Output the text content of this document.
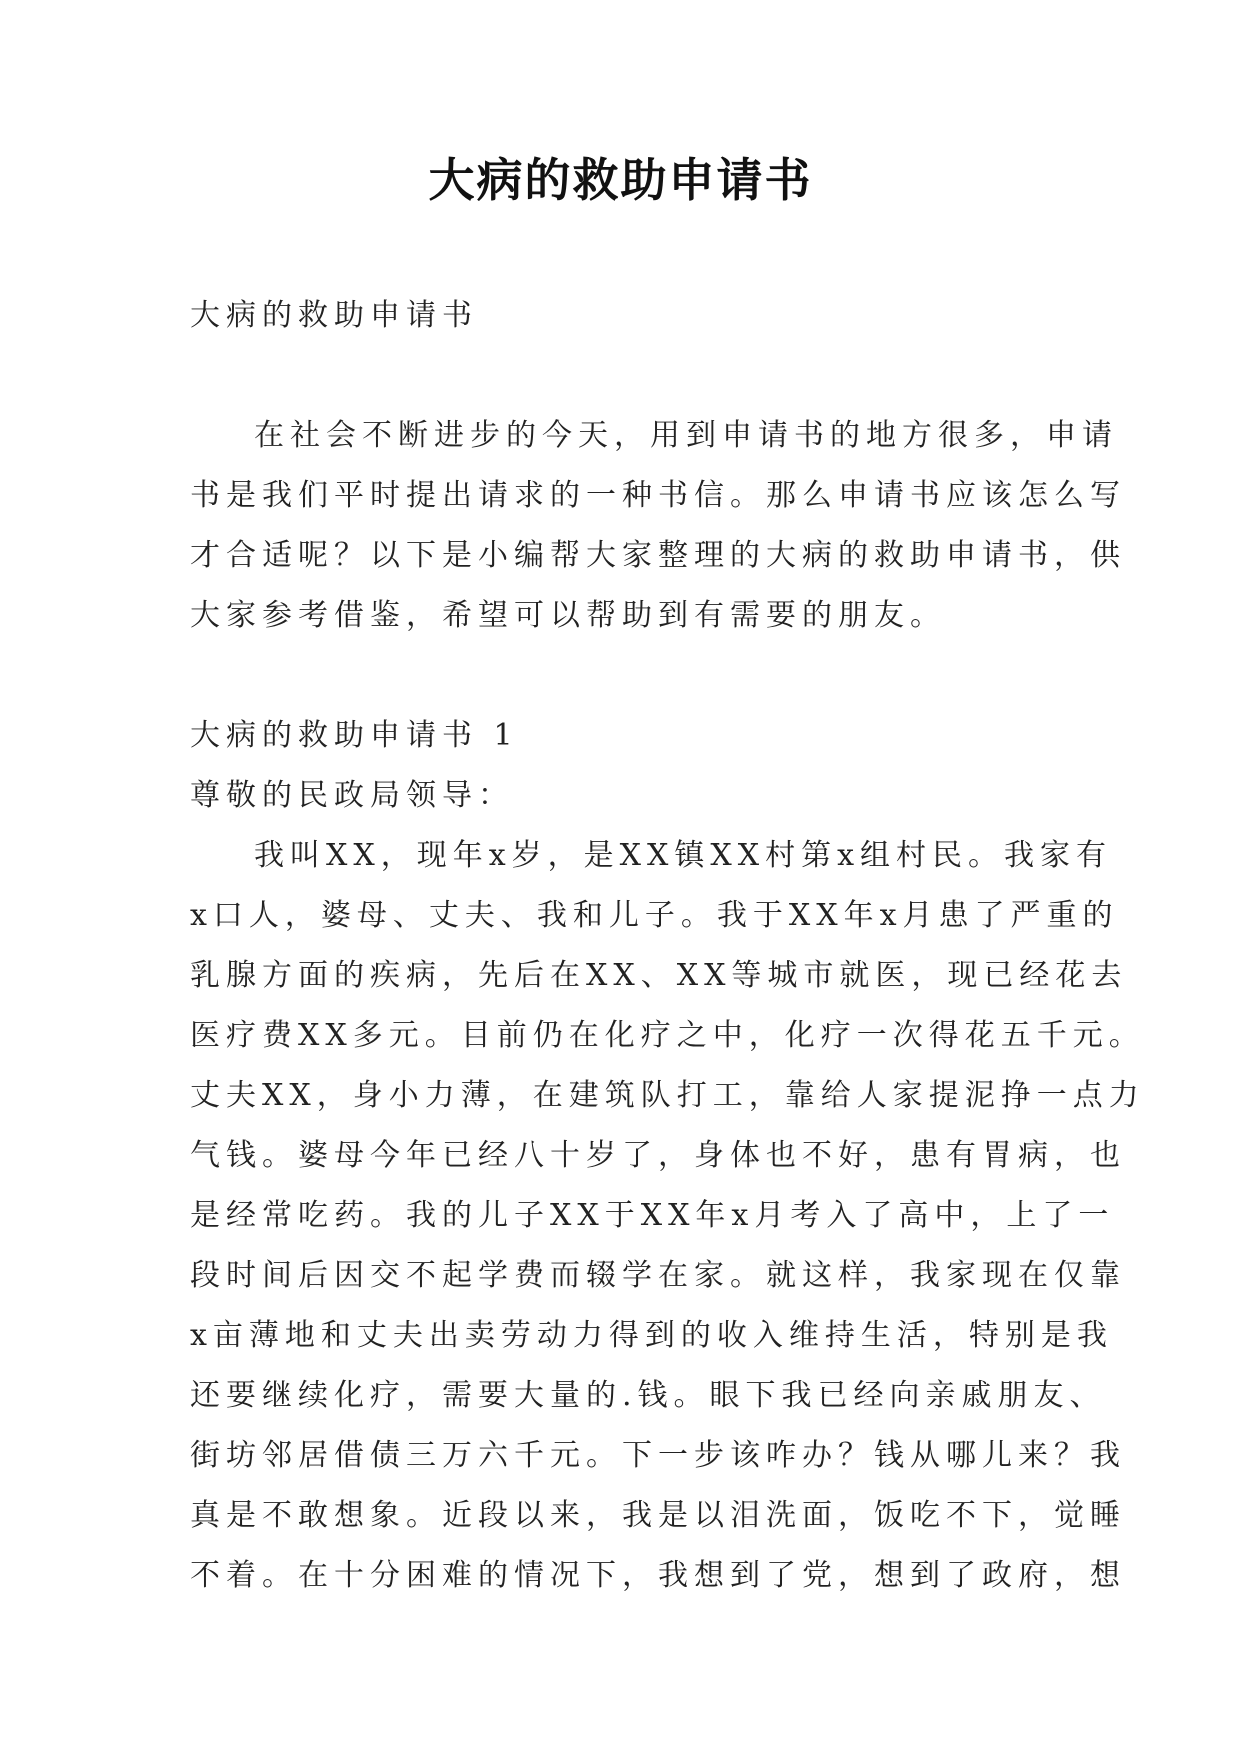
大病的救助申请书
大病的救助申请书
在社会不断进步的今天，用到申请书的地方很多，申请
书是我们平时提出请求的一种书信。那么申请书应该怎么写
才合适呢？以下是小编帮大家整理的大病的救助申请书，供
大家参考借鉴，希望可以帮助到有需要的朋友。
大病的救助申请书 1
尊敬的民政局领导：
我叫XX，现年x岁，是XX镇XX村第x组村民。我家有
x口人，婆母、丈夫、我和儿子。我于XX年x月患了严重的
乳腺方面的疾病，先后在XX、XX等城市就医，现已经花去
医疗费XX多元。目前仍在化疗之中，化疗一次得花五千元。
丈夫XX，身小力薄，在建筑队打工，靠给人家提泥挣一点力
气钱。婆母今年已经八十岁了，身体也不好，患有胃病，也
是经常吃药。我的儿子XX于XX年x月考入了高中，上了一
段时间后因交不起学费而辍学在家。就这样，我家现在仅靠
x亩薄地和丈夫出卖劳动力得到的收入维持生活，特别是我
还要继续化疗，需要大量的.钱。眼下我已经向亲戚朋友、
街坊邻居借债三万六千元。下一步该咋办？钱从哪儿来？我
真是不敢想象。近段以来，我是以泪洗面，饭吃不下，觉睡
不着。在十分困难的情况下，我想到了党，想到了政府，想
